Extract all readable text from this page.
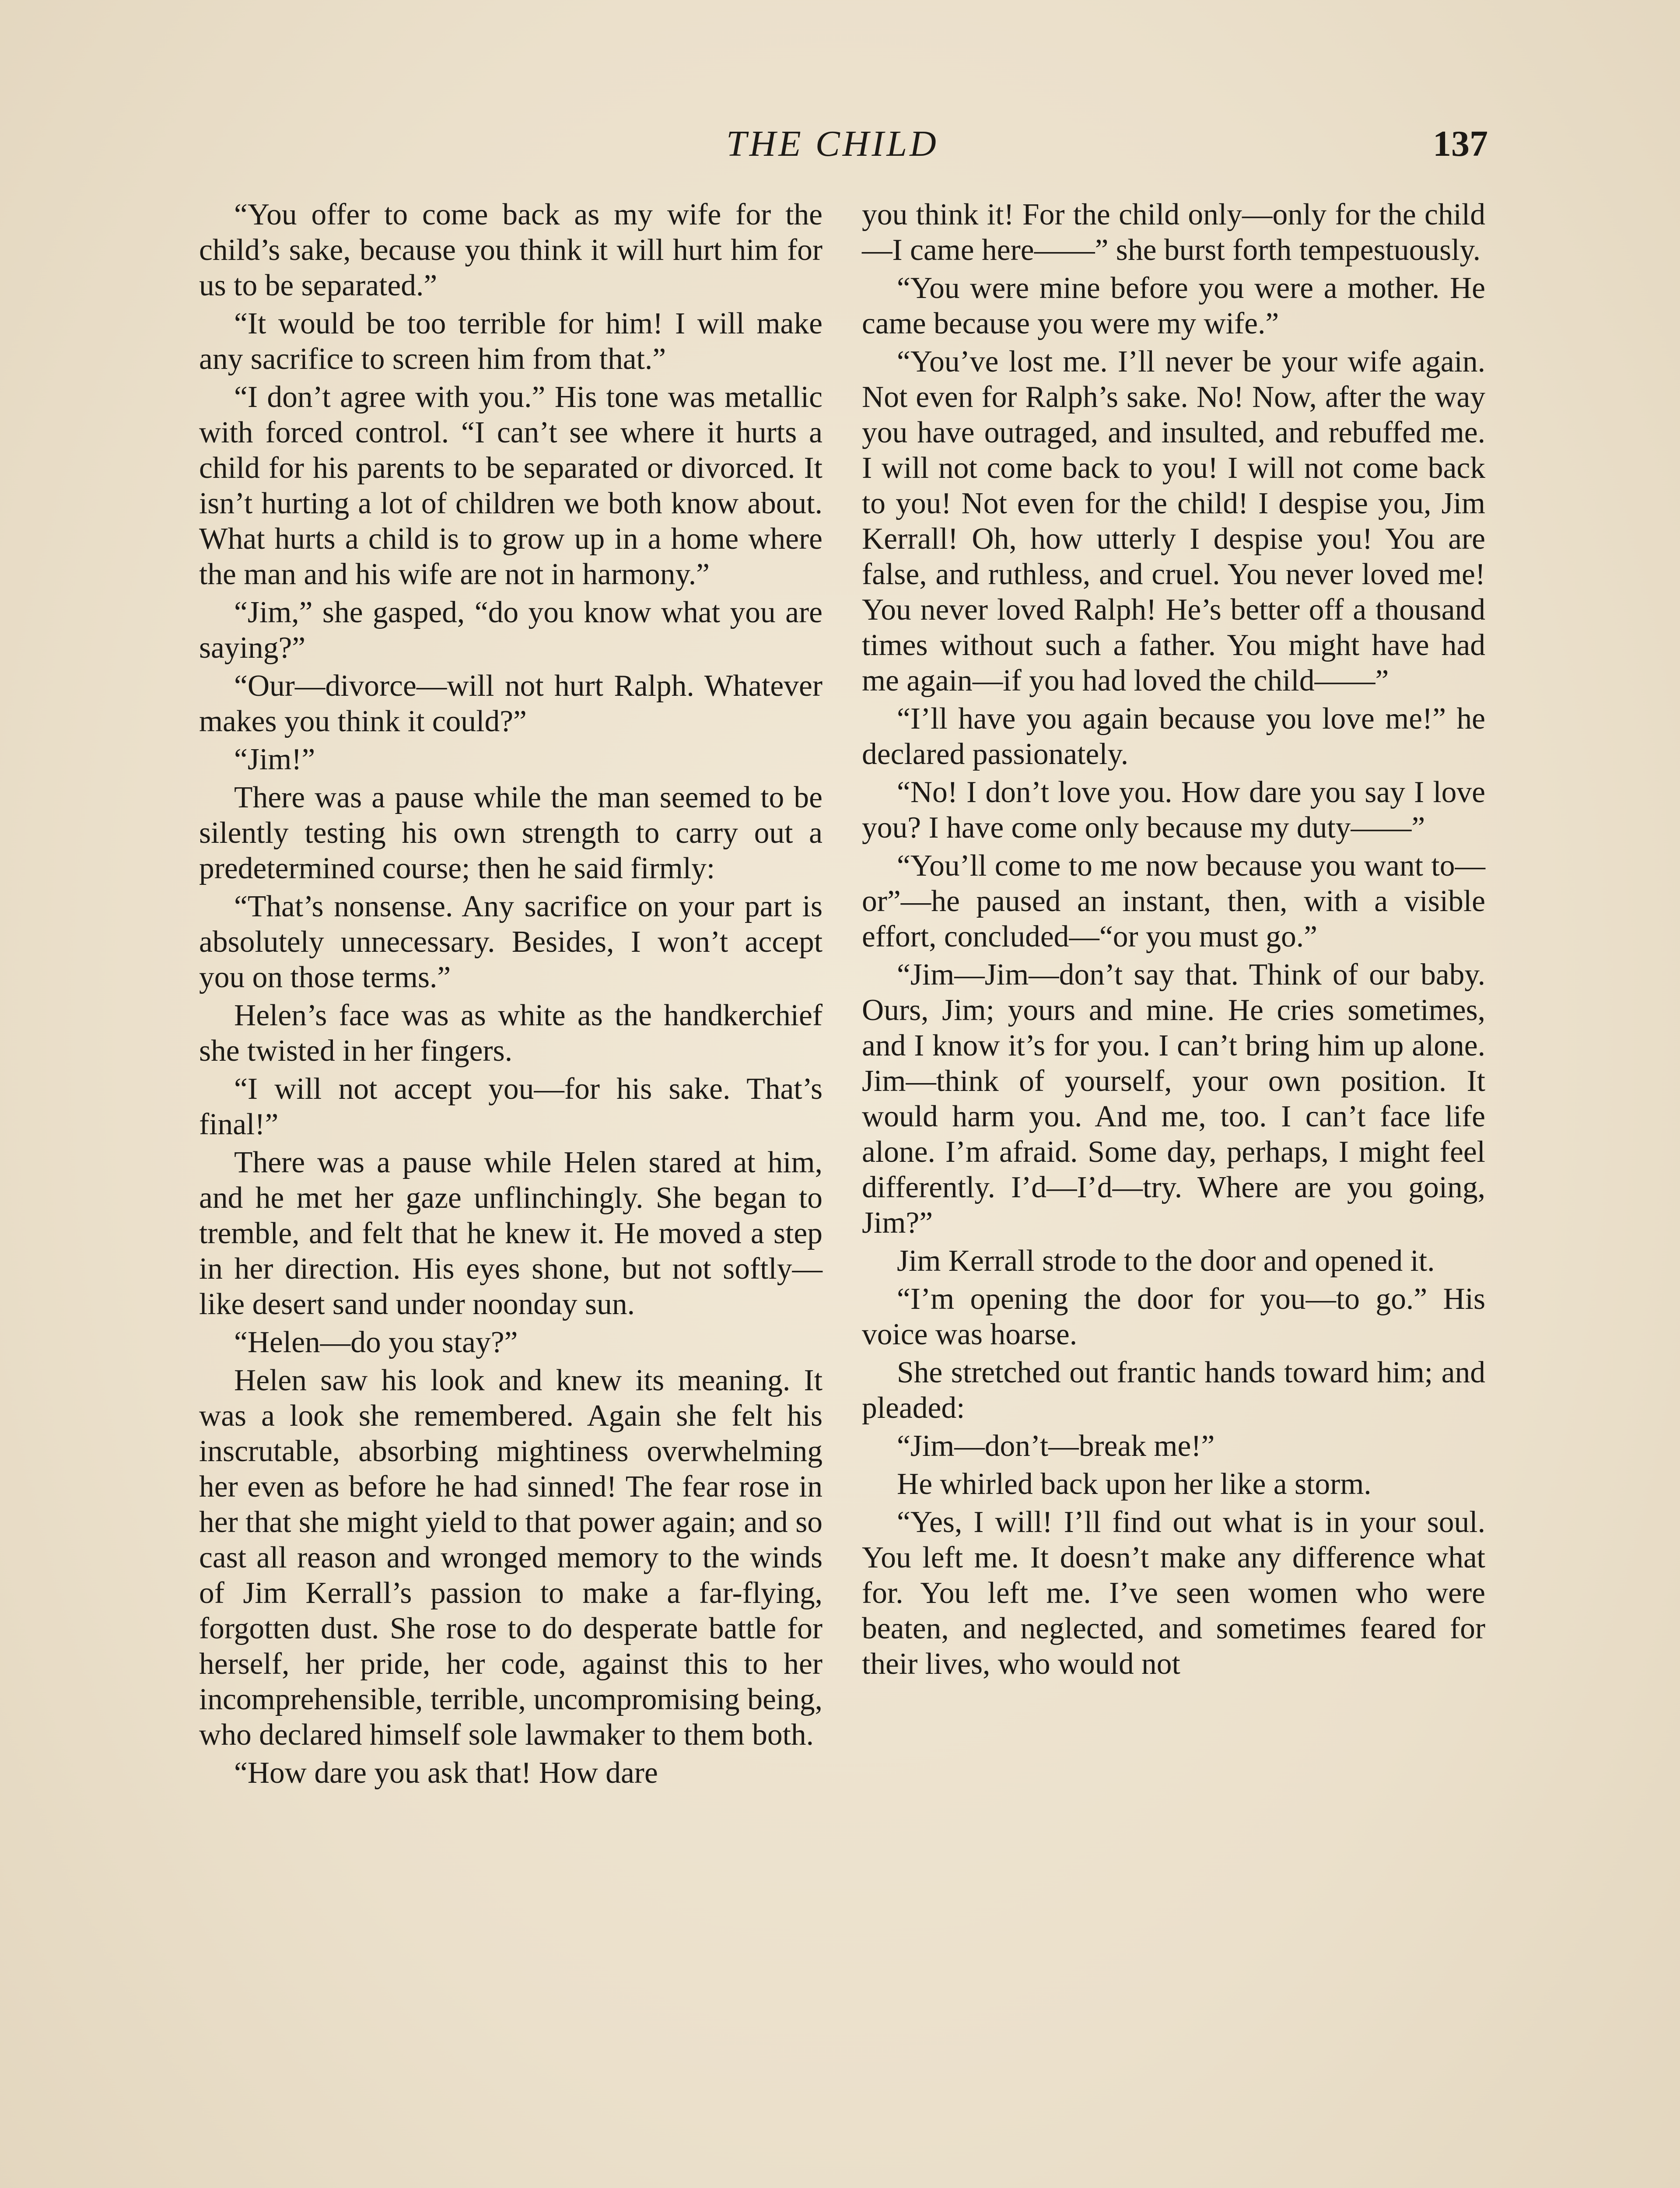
THE CHILD	137

“You offer to come back as my wife for the child’s sake, because you think it will hurt him for us to be separated.”

“It would be too terrible for him! I will make any sacrifice to screen him from that.”

“I don’t agree with you.” His tone was metallic with forced control. “I can’t see where it hurts a child for his parents to be separated or divorced. It isn’t hurting a lot of children we both know about. What hurts a child is to grow up in a home where the man and his wife are not in harmony.”

“Jim,” she gasped, “do you know what you are saying?”

“Our—divorce—will not hurt Ralph. Whatever makes you think it could?”

“Jim!”

There was a pause while the man seemed to be silently testing his own strength to carry out a predetermined course; then he said firmly:

“That’s nonsense. Any sacrifice on your part is absolutely unnecessary. Besides, I won’t accept you on those terms.”

Helen’s face was as white as the handkerchief she twisted in her fingers.

“I will not accept you—for his sake. That’s final!”

There was a pause while Helen stared at him, and he met her gaze unflinchingly. She began to tremble, and felt that he knew it. He moved a step in her direction. His eyes shone, but not softly—like desert sand under noonday sun.

“Helen—do you stay?”

Helen saw his look and knew its meaning. It was a look she remembered. Again she felt his inscrutable, absorbing mightiness overwhelming her even as before he had sinned! The fear rose in her that she might yield to that power again; and so cast all reason and wronged memory to the winds of Jim Kerrall’s passion to make a far-flying, forgotten dust. She rose to do desperate battle for herself, her pride, her code, against this to her incomprehensible, terrible, uncompromising being, who declared himself sole lawmaker to them both.

“How dare you ask that! How dare

you think it! For the child only—only for the child—I came here——” she burst forth tempestuously.

“You were mine before you were a mother. He came because you were my wife.”

“You’ve lost me. I’ll never be your wife again. Not even for Ralph’s sake. No! Now, after the way you have outraged, and insulted, and rebuffed me. I will not come back to you! I will not come back to you! Not even for the child! I despise you, Jim Kerrall! Oh, how utterly I despise you! You are false, and ruthless, and cruel. You never loved me! You never loved Ralph! He’s better off a thousand times without such a father. You might have had me again—if you had loved the child——”

“I’ll have you again because you love me!” he declared passionately.

“No! I don’t love you. How dare you say I love you? I have come only because my duty——”

“You’ll come to me now because you want to—or”—he paused an instant, then, with a visible effort, concluded—“or you must go.”

“Jim—Jim—don’t say that. Think of our baby. Ours, Jim; yours and mine. He cries sometimes, and I know it’s for you. I can’t bring him up alone. Jim—think of yourself, your own position. It would harm you. And me, too. I can’t face life alone. I’m afraid. Some day, perhaps, I might feel differently. I’d—I’d—try. Where are you going, Jim?”

Jim Kerrall strode to the door and opened it.

“I’m opening the door for you—to go.” His voice was hoarse.

She stretched out frantic hands toward him; and pleaded:

“Jim—don’t—break me!”

He whirled back upon her like a storm.

“Yes, I will! I’ll find out what is in your soul. You left me. It doesn’t make any difference what for. You left me. I’ve seen women who were beaten, and neglected, and sometimes feared for their lives, who would not
